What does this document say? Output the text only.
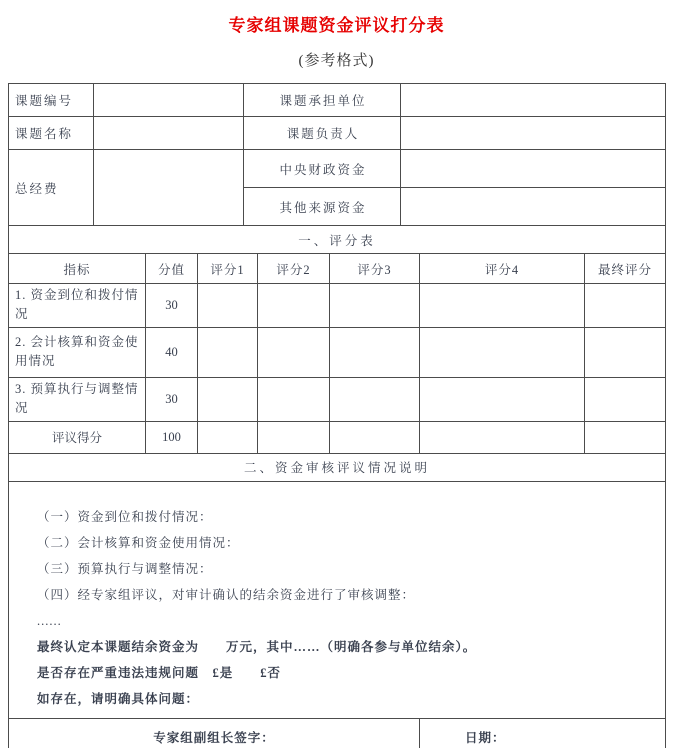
专家组课题资金评议打分表
(参考格式)
课题编号		课题承担单位	
课题名称		课题负责人	
总经费		中央财政资金	
		其他来源资金	
一、评分表						
指标	分值	评分1	评分2	评分3	评分4	最终评分
1. 资金到位和拨付情况	30					
2. 会计核算和资金使用情况	40					
3. 预算执行与调整情况	30					
评议得分	100					
二、资金审核评议情况说明						

（一）资金到位和拨付情况：
（二）会计核算和资金使用情况：
（三）预算执行与调整情况：
（四）经专家组评议，对审计确认的结余资金进行了审核调整：
......
最终认定本课题结余资金为　　万元，其中……（明确各参与单位结余）。
是否存在严重违法违规问题　£是　　£否
如存在，请明确具体问题：

专家组副组长签字：					日期：	
